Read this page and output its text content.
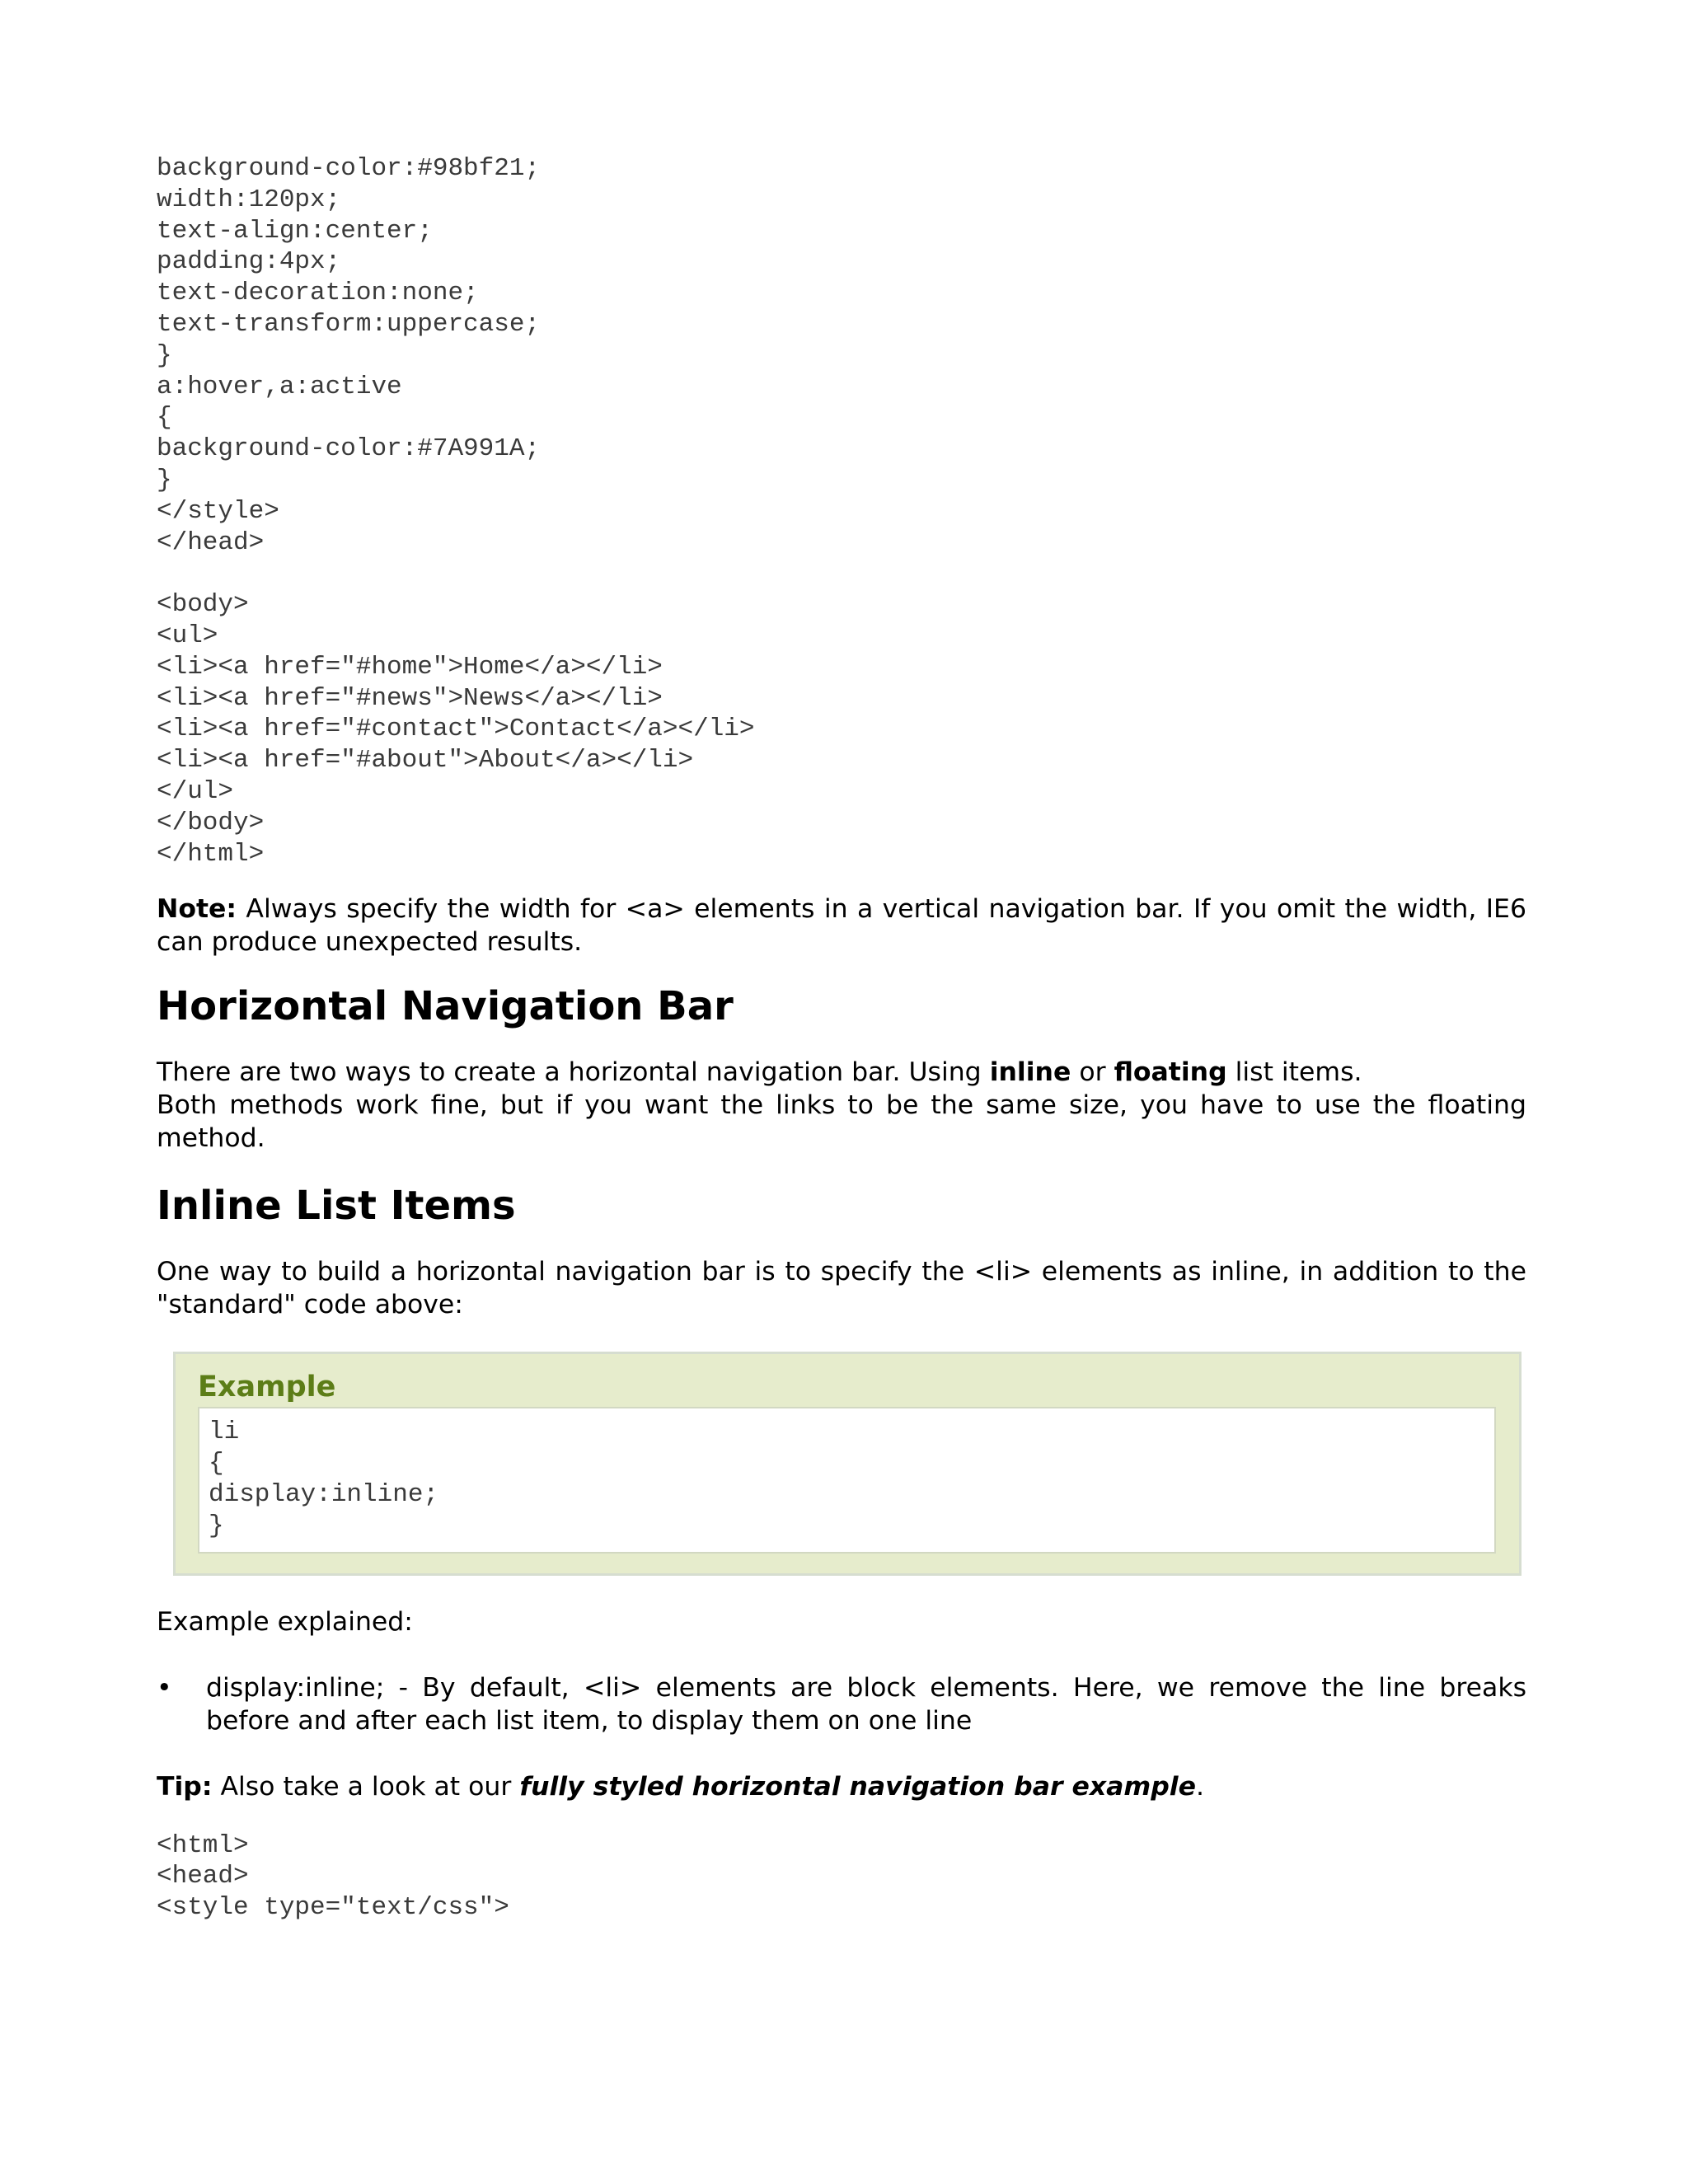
background-color:#98bf21;
width:120px;
text-align:center;
padding:4px;
text-decoration:none;
text-transform:uppercase;
}
a:hover,a:active
{
background-color:#7A991A;
}
</style>
</head>

<body>
<ul>
<li><a href="#home">Home</a></li>
<li><a href="#news">News</a></li>
<li><a href="#contact">Contact</a></li>
<li><a href="#about">About</a></li>
</ul>
</body>
</html>

Note: Always specify the width for <a> elements in a vertical navigation bar. If you omit the width, IE6 can produce unexpected results.

Horizontal Navigation Bar

There are two ways to create a horizontal navigation bar. Using inline or floating list items.

Both methods work fine, but if you want the links to be the same size, you have to use the floating method.

Inline List Items

One way to build a horizontal navigation bar is to specify the <li> elements as inline, in addition to the "standard" code above:

Example
li
{
display:inline;
}

Example explained:

•	display:inline; - By default, <li> elements are block elements. Here, we remove the line breaks before and after each list item, to display them on one line

Tip: Also take a look at our fully styled horizontal navigation bar example.

<html>
<head>
<style type="text/css">
